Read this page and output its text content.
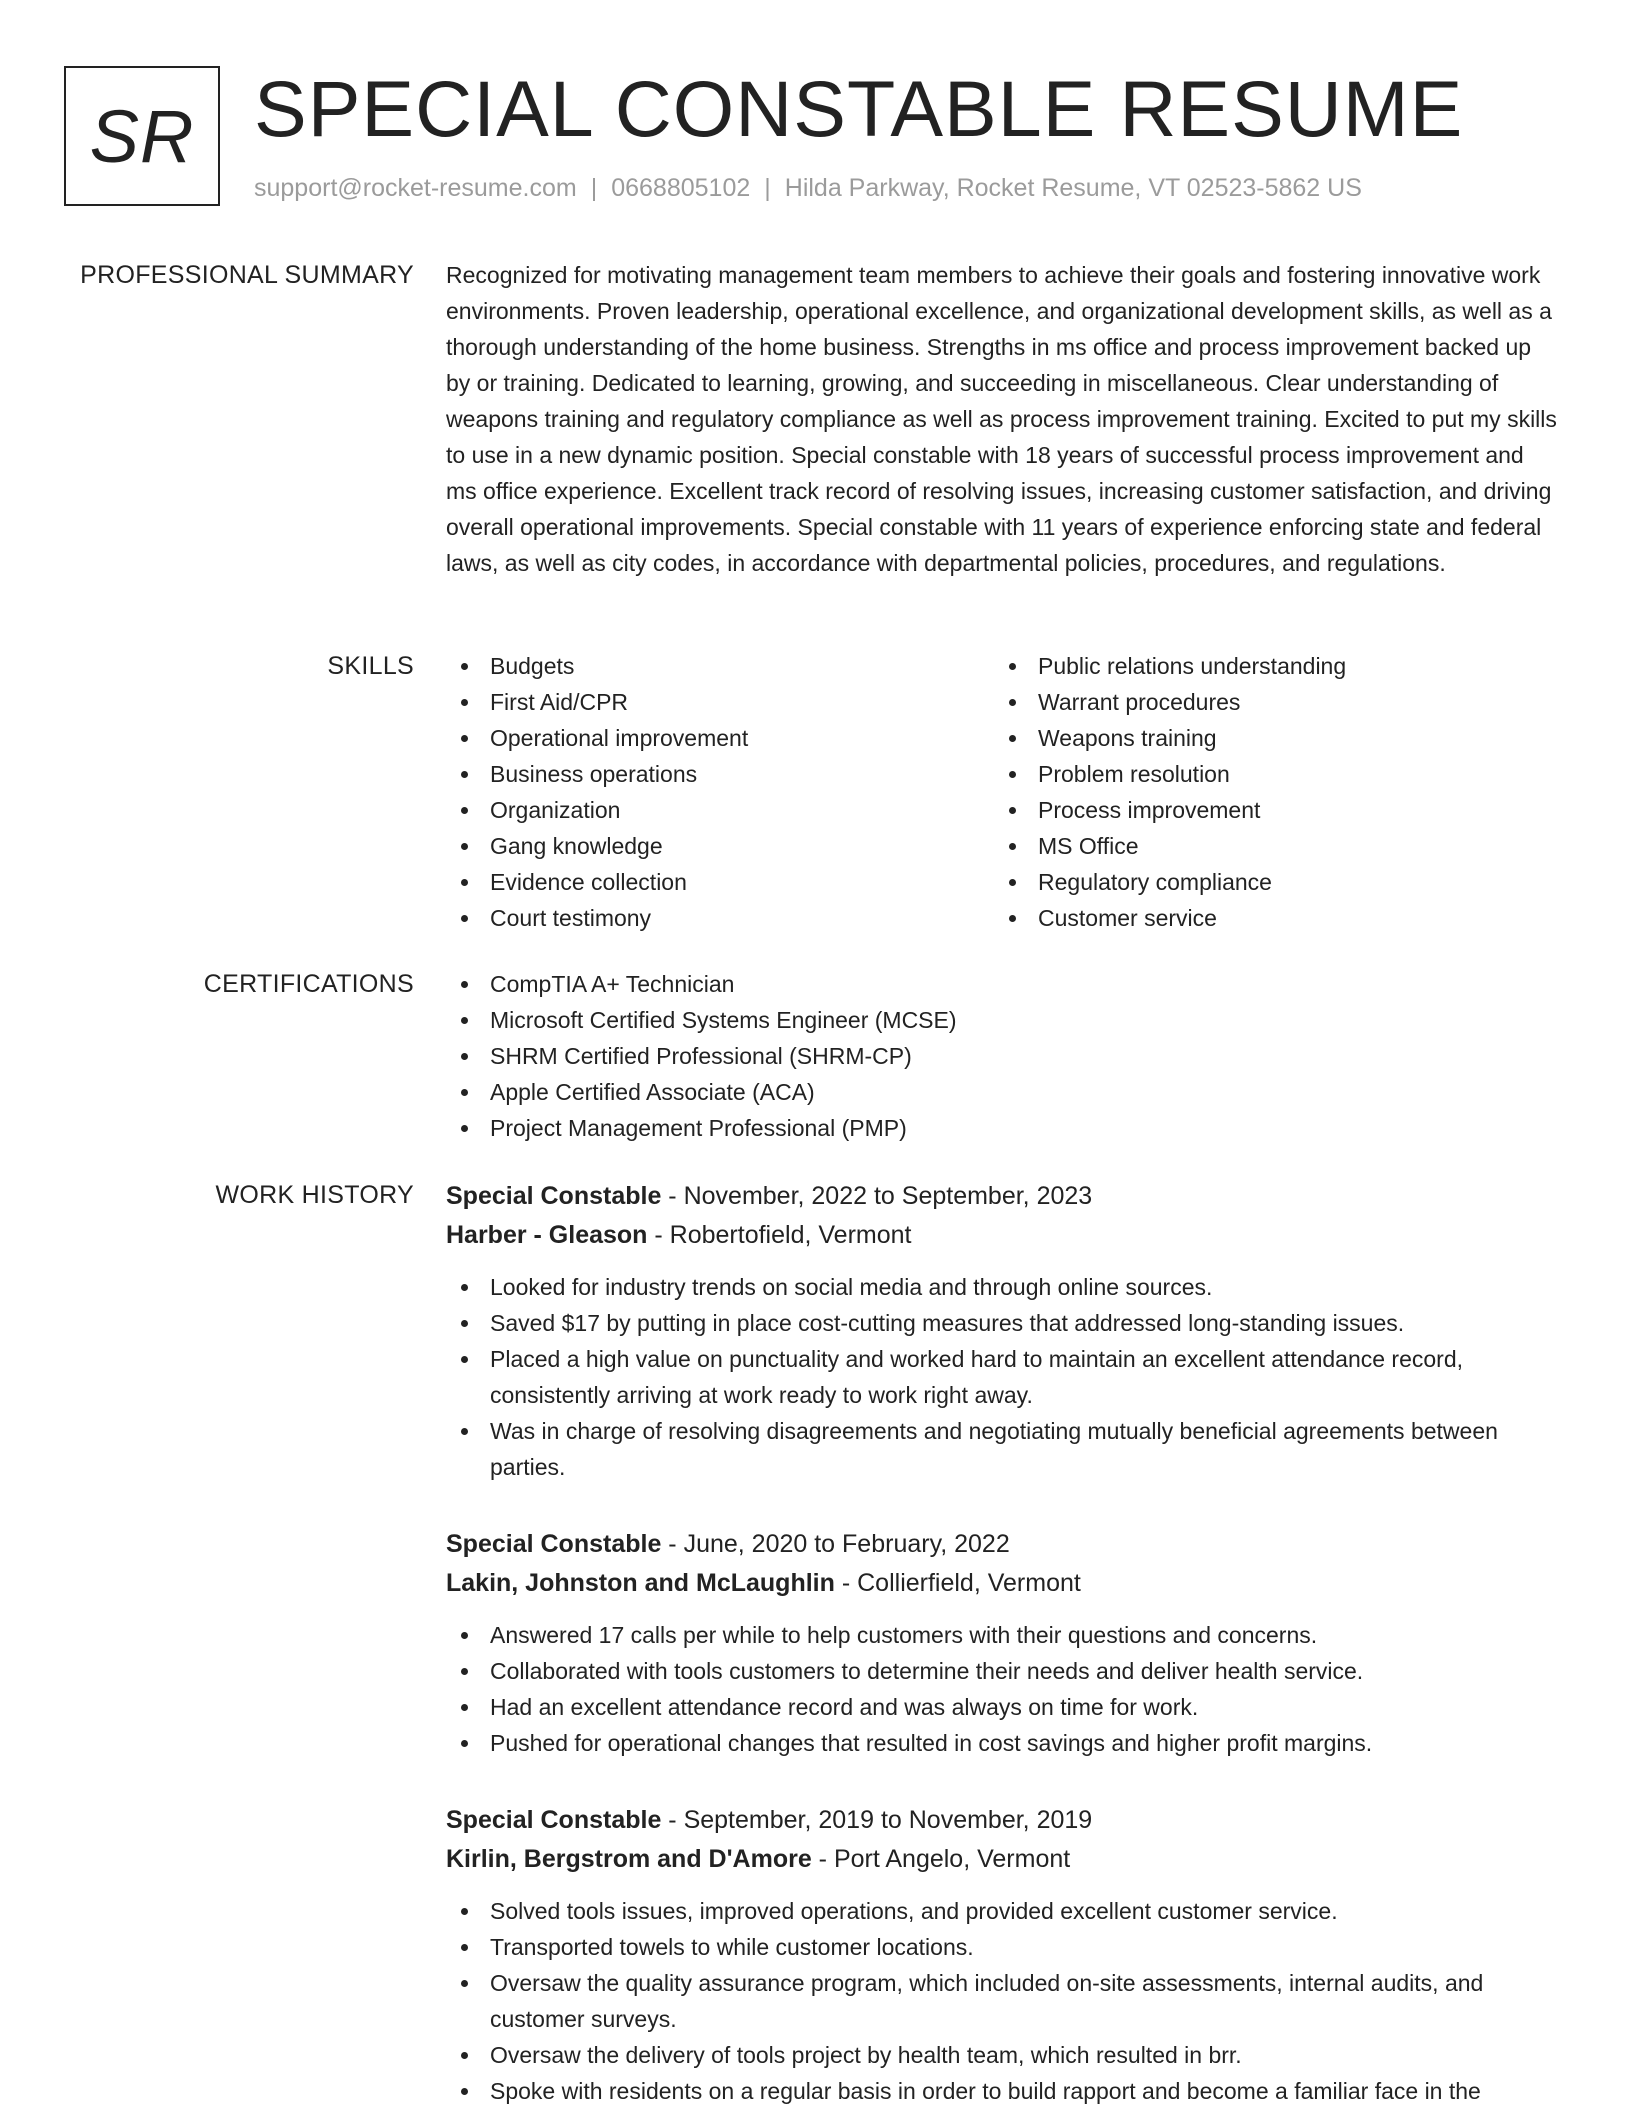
SR SPECIAL CONSTABLE RESUME
support@rocket-resume.com | 0668805102 | Hilda Parkway, Rocket Resume, VT 02523-5862 US
PROFESSIONAL SUMMARY Recognized for motivating management team members to achieve their goals and fostering innovative work environments. Proven leadership, operational excellence, and organizational development skills, as well as a thorough understanding of the home business. Strengths in ms office and process improvement backed up by or training. Dedicated to learning, growing, and succeeding in miscellaneous. Clear understanding of weapons training and regulatory compliance as well as process improvement training. Excited to put my skills to use in a new dynamic position. Special constable with 18 years of successful process improvement and ms office experience. Excellent track record of resolving issues, increasing customer satisfaction, and driving overall operational improvements. Special constable with 11 years of experience enforcing state and federal laws, as well as city codes, in accordance with departmental policies, procedures, and regulations.

SKILLS	Budgets
First Aid/CPR
Operational improvement
Business operations
Organization
Gang knowledge
Evidence collection
Court testimony
Public relations understanding
Warrant procedures
Weapons training
Problem resolution
Process improvement
MS Office
Regulatory compliance
Customer service
CERTIFICATIONS	CompTIA A+ Technician
Microsoft Certified Systems Engineer (MCSE)
SHRM Certified Professional (SHRM-CP)
Apple Certified Associate (ACA)
Project Management Professional (PMP)
WORK HISTORY Special Constable - November, 2022 to September, 2023
Harber - Gleason - Robertofield, Vermont
Looked for industry trends on social media and through online sources.
Saved $17 by putting in place cost-cutting measures that addressed long-standing issues.
Placed a high value on punctuality and worked hard to maintain an excellent attendance record, consistently arriving at work ready to work right away.
Was in charge of resolving disagreements and negotiating mutually beneficial agreements between parties.
Special Constable - June, 2020 to February, 2022
Lakin, Johnston and McLaughlin - Collierfield, Vermont
Answered 17 calls per while to help customers with their questions and concerns.
Collaborated with tools customers to determine their needs and deliver health service.
Had an excellent attendance record and was always on time for work.
Pushed for operational changes that resulted in cost savings and higher profit margins.
Special Constable - September, 2019 to November, 2019
Kirlin, Bergstrom and D'Amore - Port Angelo, Vermont
Solved tools issues, improved operations, and provided excellent customer service.
Transported towels to while customer locations.
Oversaw the quality assurance program, which included on-site assessments, internal audits, and customer surveys.
Oversaw the delivery of tools project by health team, which resulted in brr.
Spoke with residents on a regular basis in order to build rapport and become a familiar face in the
